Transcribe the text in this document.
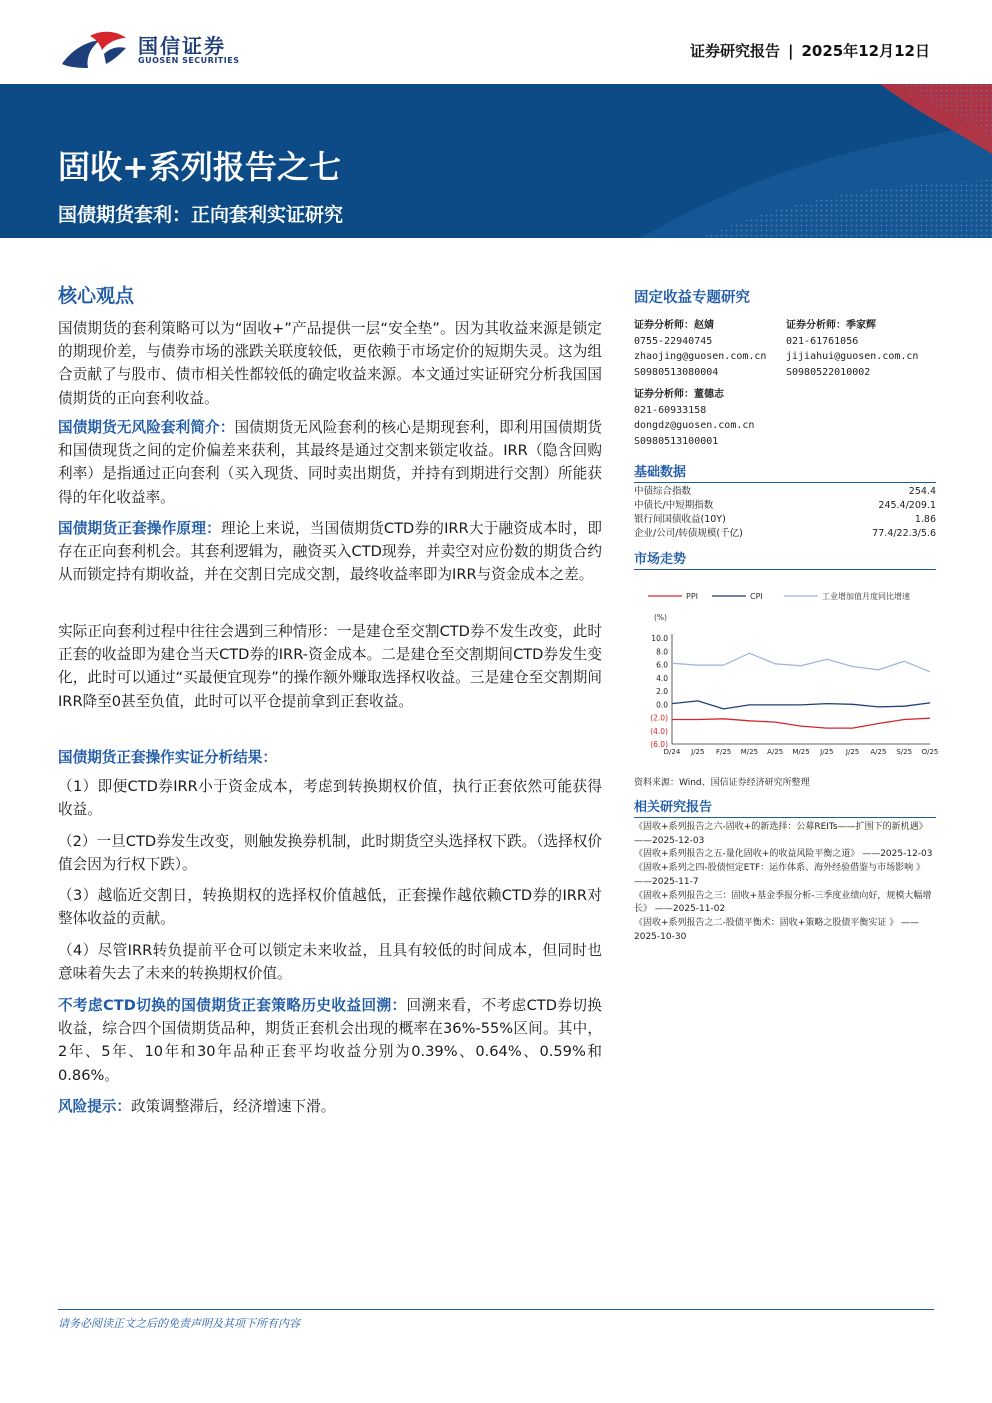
国信证券
GUOSEN SECURITIES
证券研究报告 | 2025年12月12日
固收+系列报告之七
国债期货套利：正向套利实证研究
核心观点
国债期货的套利策略可以为“固收+”产品提供一层“安全垫”。因为其收益来源是锁定的期现价差，与债券市场的涨跌关联度较低，更依赖于市场定价的短期失灵。这为组合贡献了与股市、债市相关性都较低的确定收益来源。本文通过实证研究分析我国国债期货的正向套利收益。
国债期货无风险套利简介：国债期货无风险套利的核心是期现套利，即利用国债期货和国债现货之间的定价偏差来获利，其最终是通过交割来锁定收益。IRR（隐含回购利率）是指通过正向套利（买入现货、同时卖出期货，并持有到期进行交割）所能获得的年化收益率。
国债期货正套操作原理：理论上来说，当国债期货CTD券的IRR大于融资成本时，即存在正向套利机会。其套利逻辑为，融资买入CTD现券，并卖空对应份数的期货合约从而锁定持有期收益，并在交割日完成交割，最终收益率即为IRR与资金成本之差。
实际正向套利过程中往往会遇到三种情形：一是建仓至交割CTD券不发生改变，此时正套的收益即为建仓当天CTD券的IRR-资金成本。二是建仓至交割期间CTD券发生变化，此时可以通过“买最便宜现券”的操作额外赚取选择权收益。三是建仓至交割期间IRR降至0甚至负值，此时可以平仓提前拿到正套收益。
国债期货正套操作实证分析结果：
（1）即便CTD券IRR小于资金成本，考虑到转换期权价值，执行正套依然可能获得收益。
（2）一旦CTD券发生改变，则触发换券机制，此时期货空头选择权下跌。（选择权价值会因为行权下跌）。
（3）越临近交割日，转换期权的选择权价值越低，正套操作越依赖CTD券的IRR对整体收益的贡献。
（4）尽管IRR转负提前平仓可以锁定未来收益，且具有较低的时间成本，但同时也意味着失去了未来的转换期权价值。
不考虑CTD切换的国债期货正套策略历史收益回溯：回溯来看，不考虑CTD券切换收益，综合四个国债期货品种，期货正套机会出现的概率在36%-55%区间。其中，2年、5年、10年和30年品种正套平均收益分别为0.39%、0.64%、0.59%和0.86%。
风险提示：政策调整滞后，经济增速下滑。
固定收益专题研究
证券分析师：赵婧
0755-22940745
zhaojing@guosen.com.cn
S0980513080004
证券分析师：季家辉
021-61761056
jijiahui@guosen.com.cn
S0980522010002
证券分析师：董德志
021-60933158
dongdz@guosen.com.cn
S0980513100001
基础数据
中债综合指数	254.4
中债长/中短期指数	245.4/209.1
银行间国债收益(10Y)	1.86
企业/公司/转债规模(千亿)	77.4/22.3/5.6
市场走势
PPI	CPI	工业增加值月度同比增速
(%)
10.0
8.0
6.0
4.0
2.0
0.0
(2.0)
(4.0)
(6.0)
D/24 J/25 F/25 M/25 A/25 M/25 J/25 J/25 A/25 S/25 O/25
资料来源：Wind、国信证券经济研究所整理
相关研究报告
《固收+系列报告之六-固收+的新选择：公募REITs——扩围下的新机遇》 ——2025-12-03
《固收+系列报告之五-量化固收+的收益风险平衡之道》 ——2025-12-03
《固收+系列之四-股债恒定ETF：运作体系、海外经验借鉴与市场影响 》 ——2025-11-7
《固收+系列报告之三：固收+基金季报分析-三季度业绩向好，规模大幅增长》 ——2025-11-02
《固收+系列报告之二-股债平衡术：固收+策略之股债平衡实证 》 ——2025-10-30
请务必阅读正文之后的免责声明及其项下所有内容
